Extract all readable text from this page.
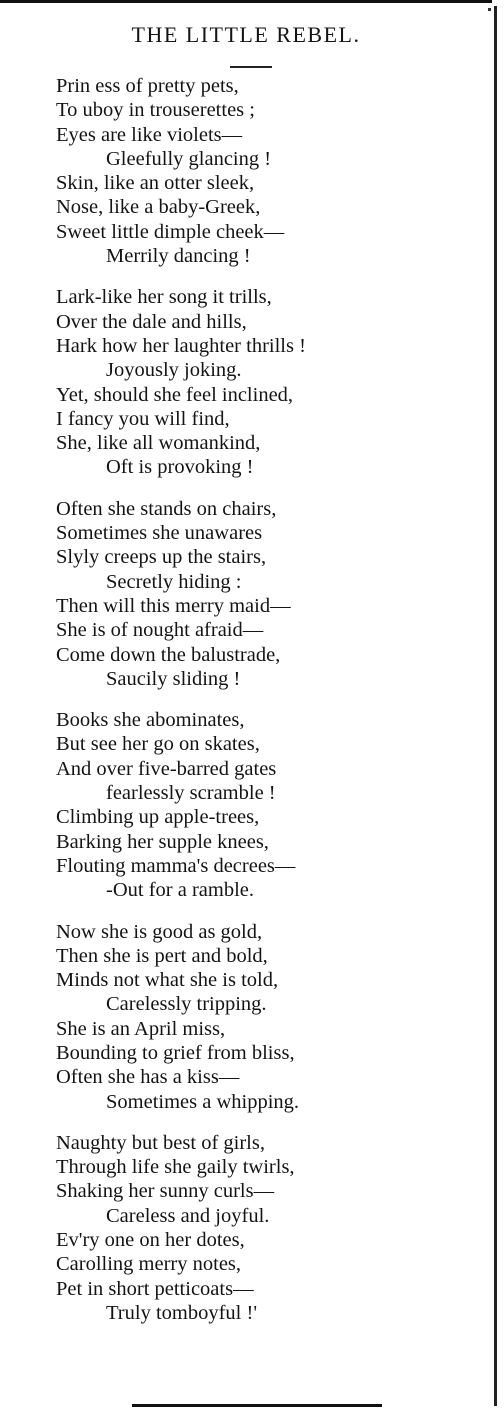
THE LITTLE REBEL.
Prin ess of pretty pets,
To uboy in trouserettes ;
Eyes are like violets—
Gleefully glancing !
Skin, like an otter sleek,
Nose, like a baby-Greek,
Sweet little dimple cheek—
Merrily dancing !
Lark-like her song it trills,
Over the dale and hills,
Hark how her laughter thrills !
Joyously joking.
Yet, should she feel inclined,
I fancy you will find,
She, like all womankind,
Oft is provoking !
Often she stands on chairs,
Sometimes she unawares
Slyly creeps up the stairs,
Secretly hiding :
Then will this merry maid—
She is of nought afraid—
Come down the balustrade,
Saucily sliding !
Books she abominates,
But see her go on skates,
And over five-barred gates
fearlessly scramble !
Climbing up apple-trees,
Barking her supple knees,
Flouting mamma's decrees—
-Out for a ramble.
Now she is good as gold,
Then she is pert and bold,
Minds not what she is told,
Carelessly tripping.
She is an April miss,
Bounding to grief from bliss,
Often she has a kiss—
Sometimes a whipping.
Naughty but best of girls,
Through life she gaily twirls,
Shaking her sunny curls—
Careless and joyful.
Ev'ry one on her dotes,
Carolling merry notes,
Pet in short petticoats—
Truly tomboyful !'
